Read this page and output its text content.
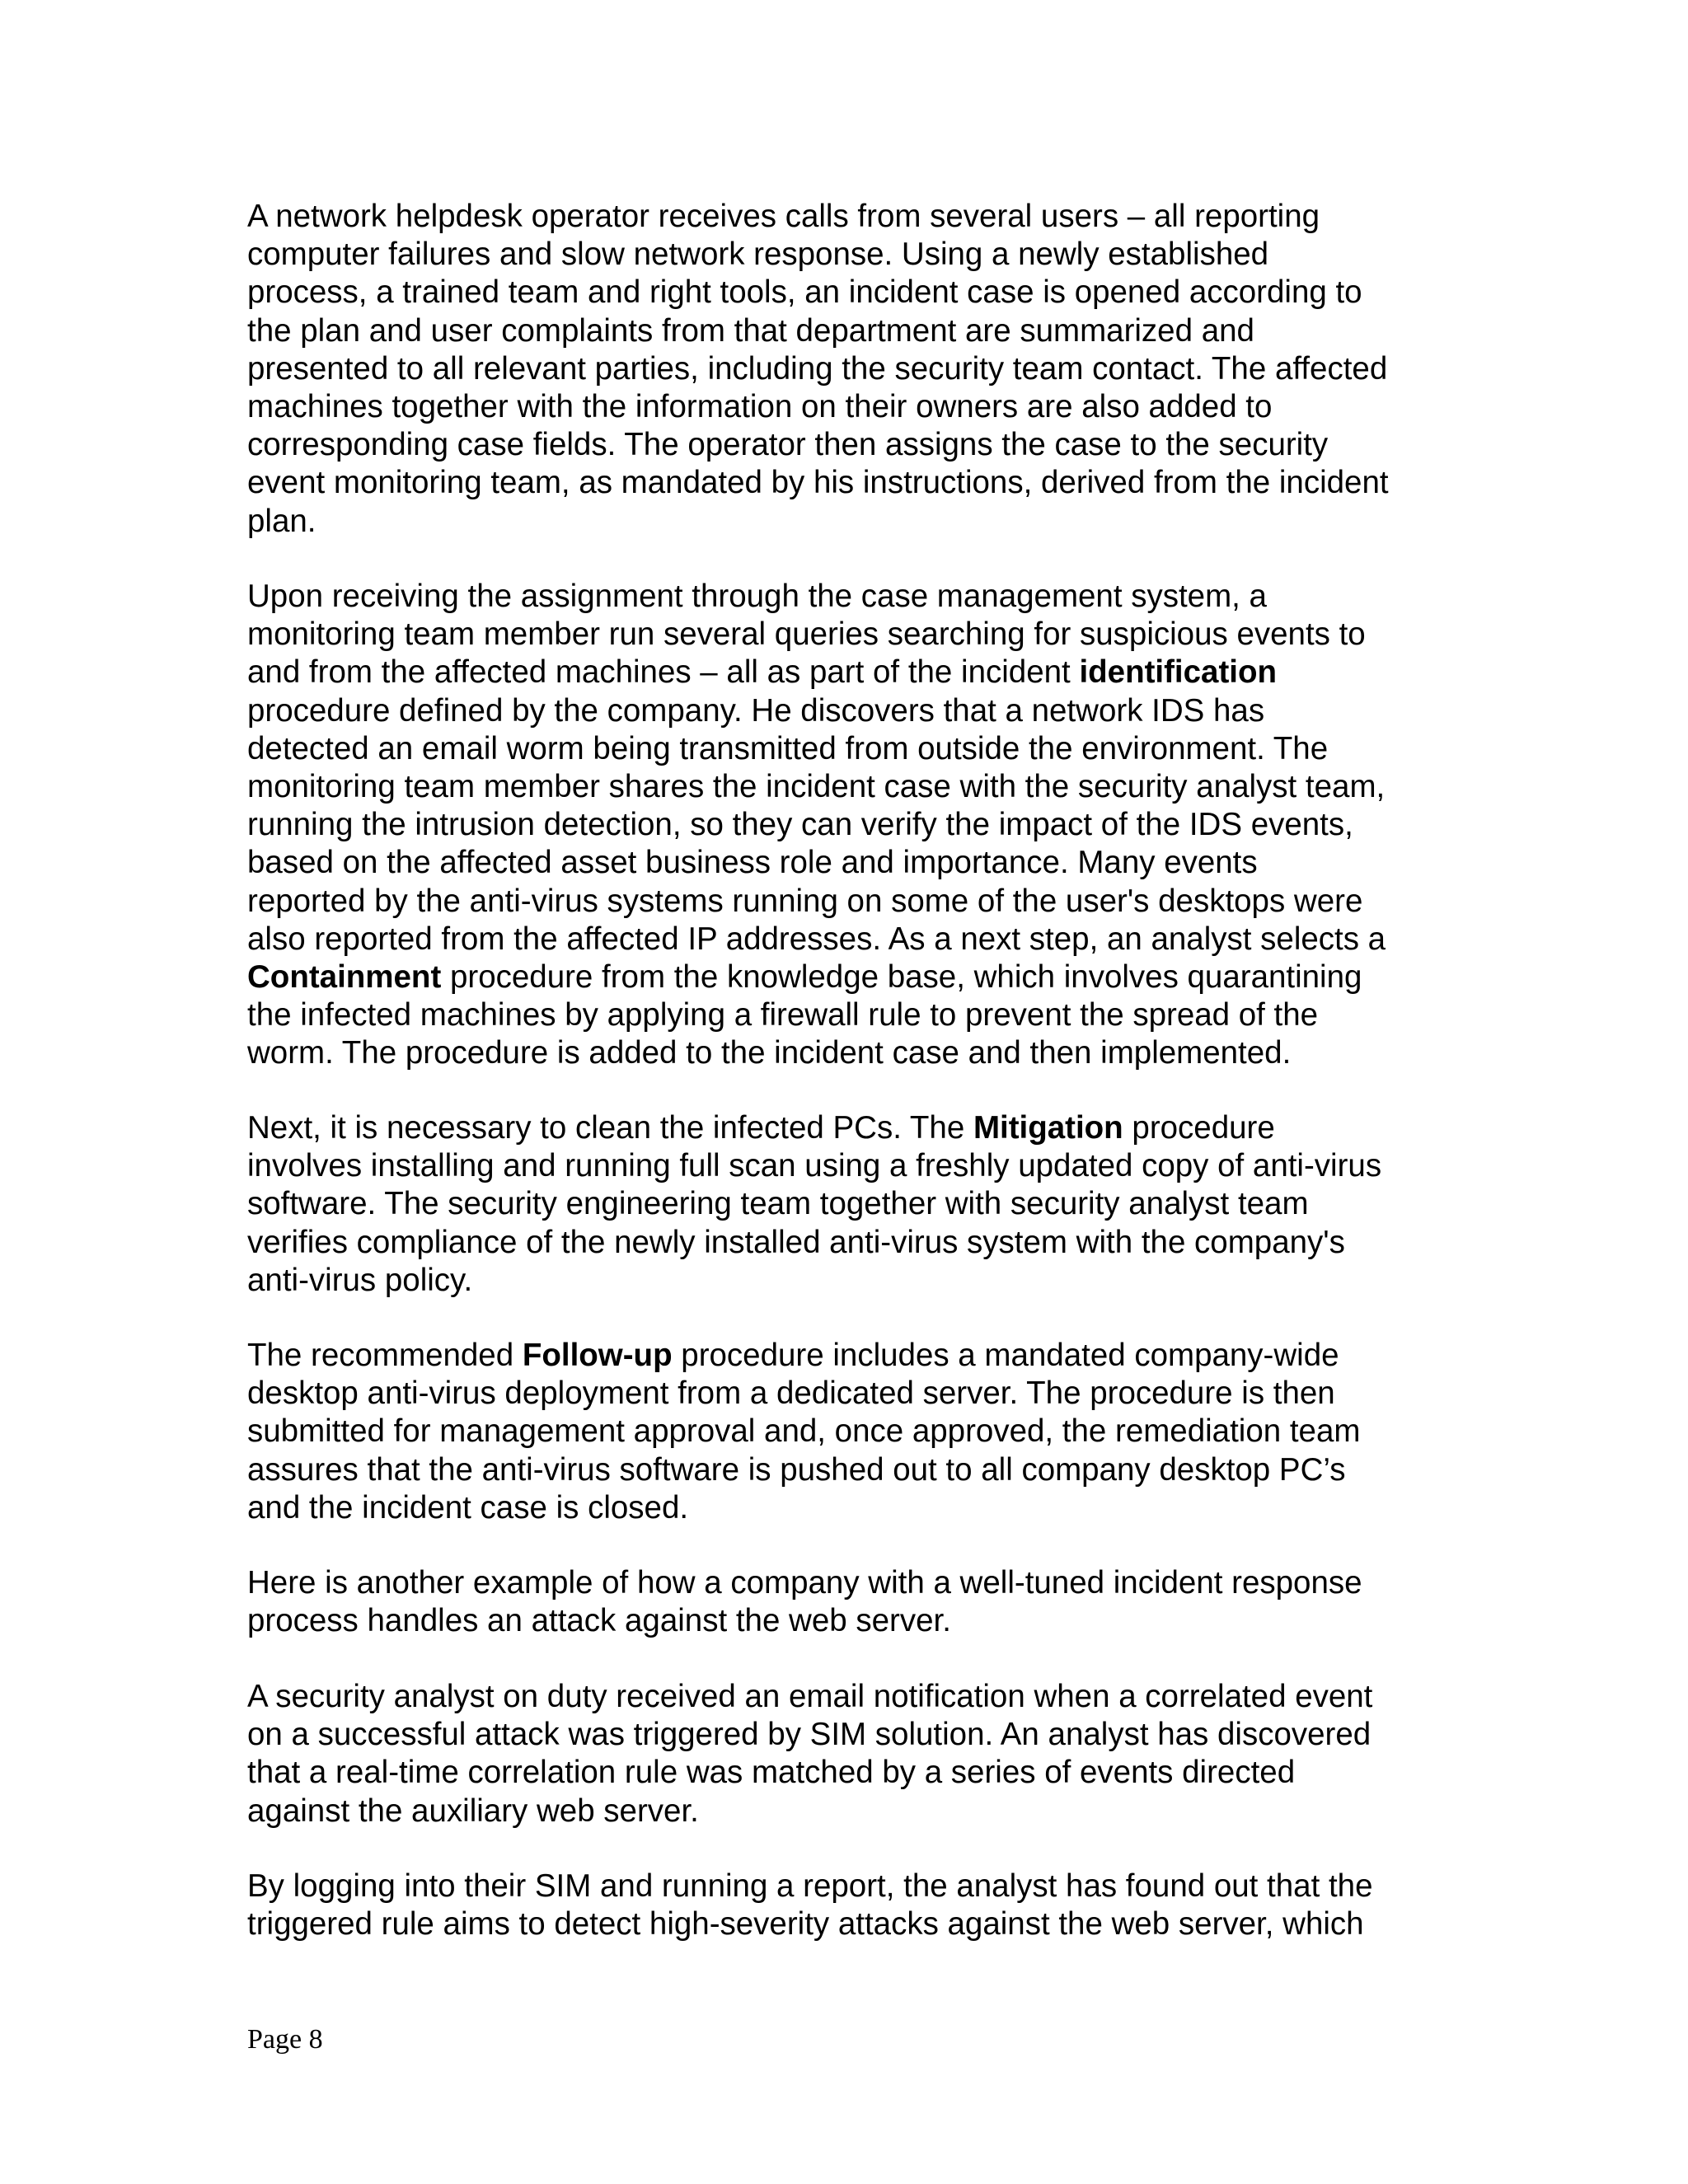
A network helpdesk operator receives calls from several users – all reporting
computer failures and slow network response. Using a newly established
process, a trained team and right tools, an incident case is opened according to
the plan and user complaints from that department are summarized and
presented to all relevant parties, including the security team contact. The affected
machines together with the information on their owners are also added to
corresponding case fields. The operator then assigns the case to the security
event monitoring team, as mandated by his instructions, derived from the incident
plan.

Upon receiving the assignment through the case management system, a
monitoring team member run several queries searching for suspicious events to
and from the affected machines – all as part of the incident identification
procedure defined by the company. He discovers that a network IDS has
detected an email worm being transmitted from outside the environment. The
monitoring team member shares the incident case with the security analyst team,
running the intrusion detection, so they can verify the impact of the IDS events,
based on the affected asset business role and importance. Many events
reported by the anti-virus systems running on some of the user's desktops were
also reported from the affected IP addresses. As a next step, an analyst selects a
Containment procedure from the knowledge base, which involves quarantining
the infected machines by applying a firewall rule to prevent the spread of the
worm. The procedure is added to the incident case and then implemented.

Next, it is necessary to clean the infected PCs. The Mitigation procedure
involves installing and running full scan using a freshly updated copy of anti-virus
software. The security engineering team together with security analyst team
verifies compliance of the newly installed anti-virus system with the company's
anti-virus policy.

The recommended Follow-up procedure includes a mandated company-wide
desktop anti-virus deployment from a dedicated server. The procedure is then
submitted for management approval and, once approved, the remediation team
assures that the anti-virus software is pushed out to all company desktop PC’s
and the incident case is closed.

Here is another example of how a company with a well-tuned incident response
process handles an attack against the web server.

A security analyst on duty received an email notification when a correlated event
on a successful attack was triggered by SIM solution. An analyst has discovered
that a real-time correlation rule was matched by a series of events directed
against the auxiliary web server.

By logging into their SIM and running a report, the analyst has found out that the
triggered rule aims to detect high-severity attacks against the web server, which

Page 8
